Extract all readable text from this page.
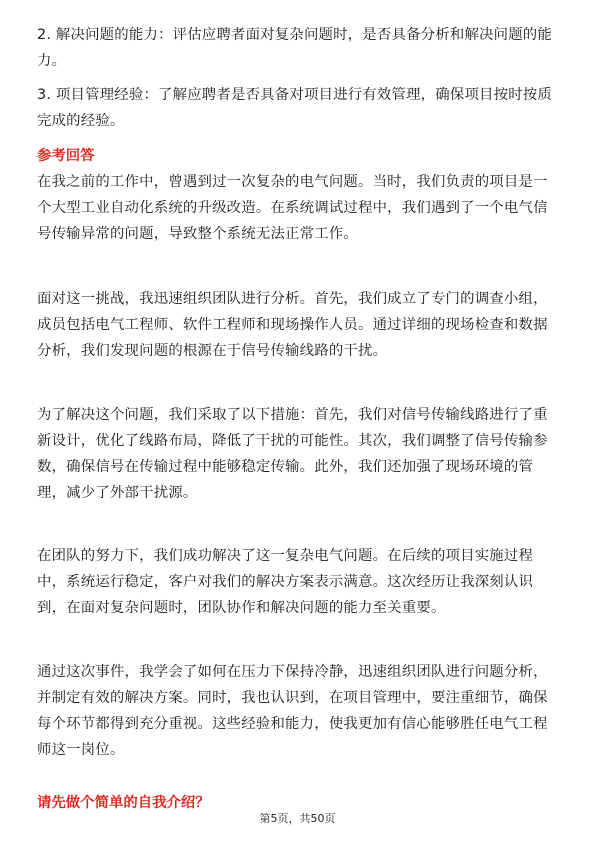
2. 解决问题的能力：评估应聘者面对复杂问题时，是否具备分析和解决问题的能力。

3. 项目管理经验：了解应聘者是否具备对项目进行有效管理，确保项目按时按质完成的经验。

参考回答

在我之前的工作中，曾遇到过一次复杂的电气问题。当时，我们负责的项目是一个大型工业自动化系统的升级改造。在系统调试过程中，我们遇到了一个电气信号传输异常的问题，导致整个系统无法正常工作。

面对这一挑战，我迅速组织团队进行分析。首先，我们成立了专门的调查小组，成员包括电气工程师、软件工程师和现场操作人员。通过详细的现场检查和数据分析，我们发现问题的根源在于信号传输线路的干扰。

为了解决这个问题，我们采取了以下措施：首先，我们对信号传输线路进行了重新设计，优化了线路布局，降低了干扰的可能性。其次，我们调整了信号传输参数，确保信号在传输过程中能够稳定传输。此外，我们还加强了现场环境的管理，减少了外部干扰源。

在团队的努力下，我们成功解决了这一复杂电气问题。在后续的项目实施过程中，系统运行稳定，客户对我们的解决方案表示满意。这次经历让我深刻认识到，在面对复杂问题时，团队协作和解决问题的能力至关重要。

通过这次事件，我学会了如何在压力下保持冷静，迅速组织团队进行问题分析，并制定有效的解决方案。同时，我也认识到，在项目管理中，要注重细节，确保每个环节都得到充分重视。这些经验和能力，使我更加有信心能够胜任电气工程师这一岗位。

请先做个简单的自我介绍？

第5页，共50页
